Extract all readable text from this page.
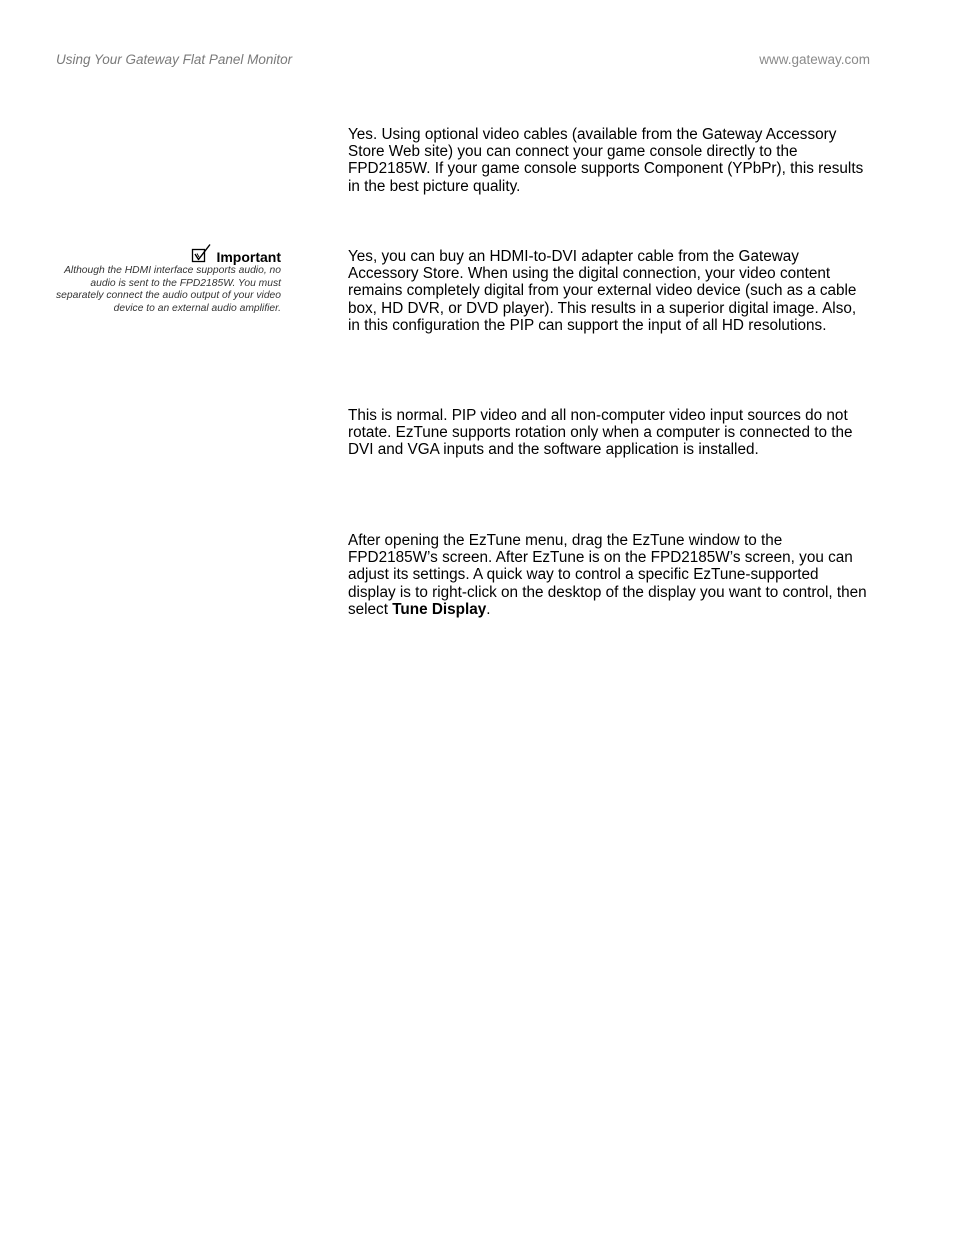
Using Your Gateway Flat Panel Monitor	www.gateway.com
Important
Although the HDMI interface supports audio, no audio is sent to the FPD2185W. You must separately connect the audio output of your video device to an external audio amplifier.

Yes. Using optional video cables (available from the Gateway Accessory Store Web site) you can connect your game console directly to the FPD2185W. If your game console supports Component (YPbPr), this results in the best picture quality.

Yes, you can buy an HDMI-to-DVI adapter cable from the Gateway Accessory Store. When using the digital connection, your video content remains completely digital from your external video device (such as a cable box, HD DVR, or DVD player). This results in a superior digital image. Also, in this configuration the PIP can support the input of all HD resolutions.

This is normal. PIP video and all non-computer video input sources do not rotate. EzTune supports rotation only when a computer is connected to the DVI and VGA inputs and the software application is installed.

After opening the EzTune menu, drag the EzTune window to the FPD2185W’s screen. After EzTune is on the FPD2185W’s screen, you can adjust its settings. A quick way to control a specific EzTune-supported display is to right-click on the desktop of the display you want to control, then select Tune Display.
